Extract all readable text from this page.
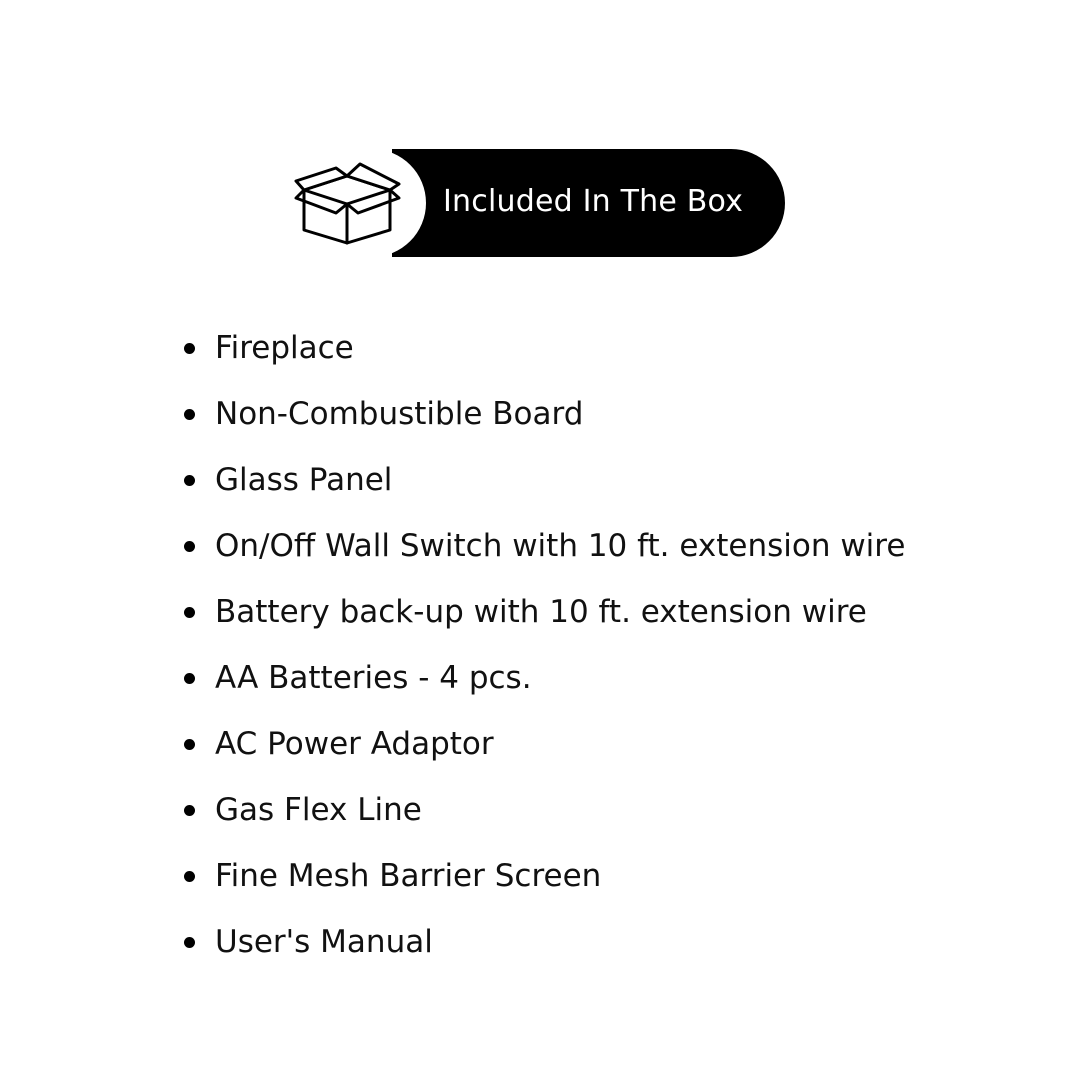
Included In The Box
Fireplace
Non-Combustible Board
Glass Panel
On/Off Wall Switch with 10 ft. extension wire
Battery back-up with 10 ft. extension wire
AA Batteries - 4 pcs.
AC Power Adaptor
Gas Flex Line
Fine Mesh Barrier Screen
User's Manual
